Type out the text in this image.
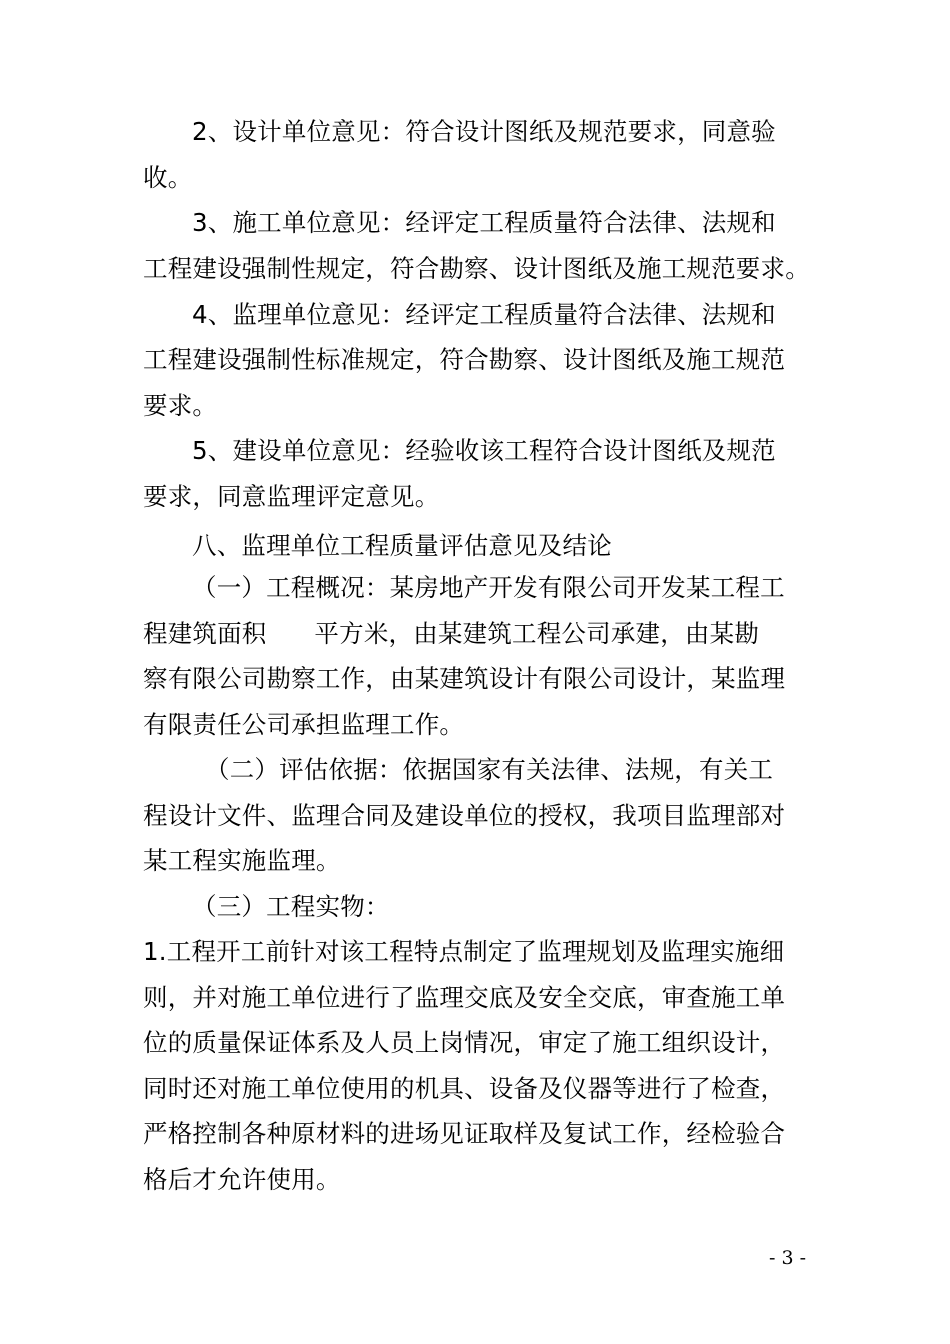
2、设计单位意见：符合设计图纸及规范要求，同意验
收。
3、施工单位意见：经评定工程质量符合法律、法规和
工程建设强制性规定，符合勘察、设计图纸及施工规范要求。
4、监理单位意见：经评定工程质量符合法律、法规和
工程建设强制性标准规定，符合勘察、设计图纸及施工规范
要求。
5、建设单位意见：经验收该工程符合设计图纸及规范
要求，同意监理评定意见。
八、监理单位工程质量评估意见及结论
（一）工程概况：某房地产开发有限公司开发某工程工
程建筑面积      平方米，由某建筑工程公司承建，由某勘
察有限公司勘察工作，由某建筑设计有限公司设计，某监理
有限责任公司承担监理工作。
（二）评估依据：依据国家有关法律、法规，有关工
程设计文件、监理合同及建设单位的授权，我项目监理部对
某工程实施监理。
（三）工程实物：
1.工程开工前针对该工程特点制定了监理规划及监理实施细
则，并对施工单位进行了监理交底及安全交底，审查施工单
位的质量保证体系及人员上岗情况，审定了施工组织设计，
同时还对施工单位使用的机具、设备及仪器等进行了检查，
严格控制各种原材料的进场见证取样及复试工作，经检验合
格后才允许使用。
- 3 -
